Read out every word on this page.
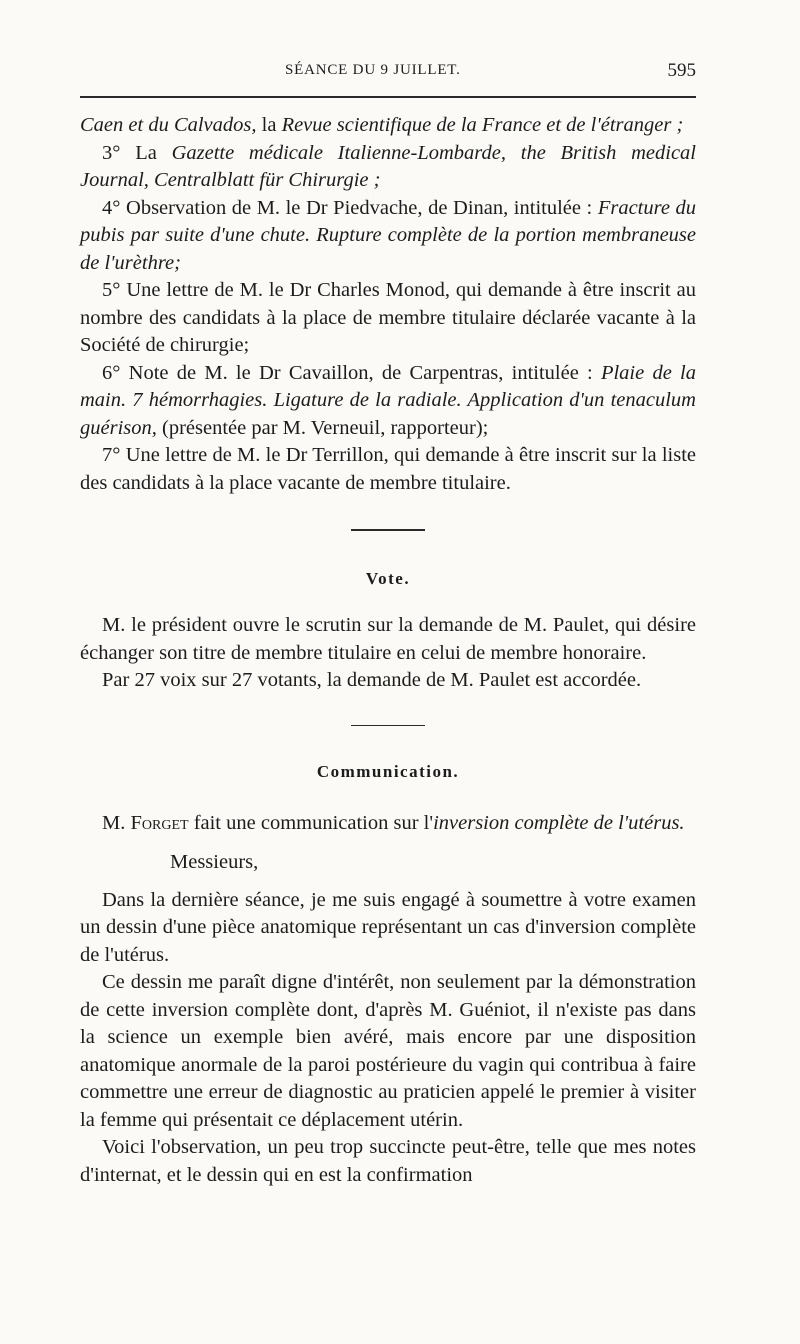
SÉANCE DU 9 JUILLET.	595

Caen et du Calvados, la Revue scientifique de la France et de l'étranger ;

3° La Gazette médicale Italienne-Lombarde, the British medical Journal, Centralblatt für Chirurgie ;

4° Observation de M. le Dr Piedvache, de Dinan, intitulée : Fracture du pubis par suite d'une chute. Rupture complète de la portion membraneuse de l'urèthre;

5° Une lettre de M. le Dr Charles Monod, qui demande à être inscrit au nombre des candidats à la place de membre titulaire déclarée vacante à la Société de chirurgie;

6° Note de M. le Dr Cavaillon, de Carpentras, intitulée : Plaie de la main. 7 hémorrhagies. Ligature de la radiale. Application d'un tenaculum guérison, (présentée par M. Verneuil, rapporteur);

7° Une lettre de M. le Dr Terrillon, qui demande à être inscrit sur la liste des candidats à la place vacante de membre titulaire.

Vote.

M. le président ouvre le scrutin sur la demande de M. Paulet, qui désire échanger son titre de membre titulaire en celui de membre honoraire.

Par 27 voix sur 27 votants, la demande de M. Paulet est accordée.

Communication.

M. Forget fait une communication sur l'inversion complète de l'utérus.

Messieurs,

Dans la dernière séance, je me suis engagé à soumettre à votre examen un dessin d'une pièce anatomique représentant un cas d'inversion complète de l'utérus.

Ce dessin me paraît digne d'intérêt, non seulement par la démonstration de cette inversion complète dont, d'après M. Guéniot, il n'existe pas dans la science un exemple bien avéré, mais encore par une disposition anatomique anormale de la paroi postérieure du vagin qui contribua à faire commettre une erreur de diagnostic au praticien appelé le premier à visiter la femme qui présentait ce déplacement utérin.

Voici l'observation, un peu trop succincte peut-être, telle que mes notes d'internat, et le dessin qui en est la confirmation
